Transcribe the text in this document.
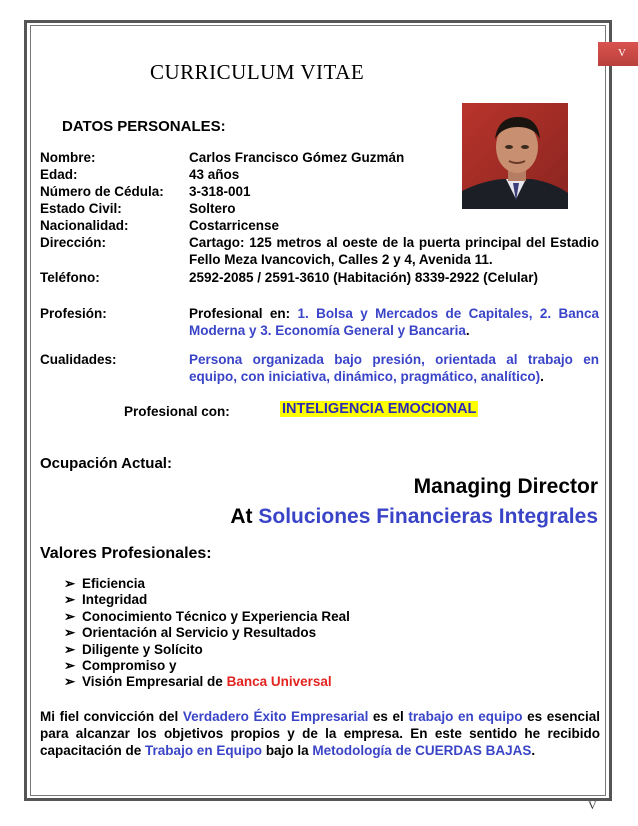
V
CURRICULUM VITAE
DATOS PERSONALES:
Nombre:	Carlos Francisco Gómez Guzmán
Edad:	43 años
Número de Cédula: 3-318-001
Estado Civil:	Soltero
Nacionalidad:	Costarricense
Dirección:	Cartago: 125 metros al oeste de la puerta principal del Estadio Fello Meza Ivancovich, Calles 2 y 4, Avenida 11.
Teléfono:	2592-2085 / 2591-3610 (Habitación) 8339-2922 (Celular)
Profesión:	Profesional en: 1. Bolsa y Mercados de Capitales, 2. Banca Moderna y 3. Economía General y Bancaria.
Cualidades:	Persona organizada bajo presión, orientada al trabajo en equipo, con iniciativa, dinámico, pragmático, analítico).
Profesional con:	INTELIGENCIA EMOCIONAL
Ocupación Actual:
Managing Director
At Soluciones Financieras Integrales
Valores Profesionales:
➢ Eficiencia
➢ Integridad
➢ Conocimiento Técnico y Experiencia Real
➢ Orientación al Servicio y Resultados
➢ Diligente y Solícito
➢ Compromiso y
➢ Visión Empresarial de Banca Universal
Mi fiel convicción del Verdadero Éxito Empresarial es el trabajo en equipo es esencial para alcanzar los objetivos propios y de la empresa. En este sentido he recibido capacitación de Trabajo en Equipo bajo la Metodología de CUERDAS BAJAS.
V
